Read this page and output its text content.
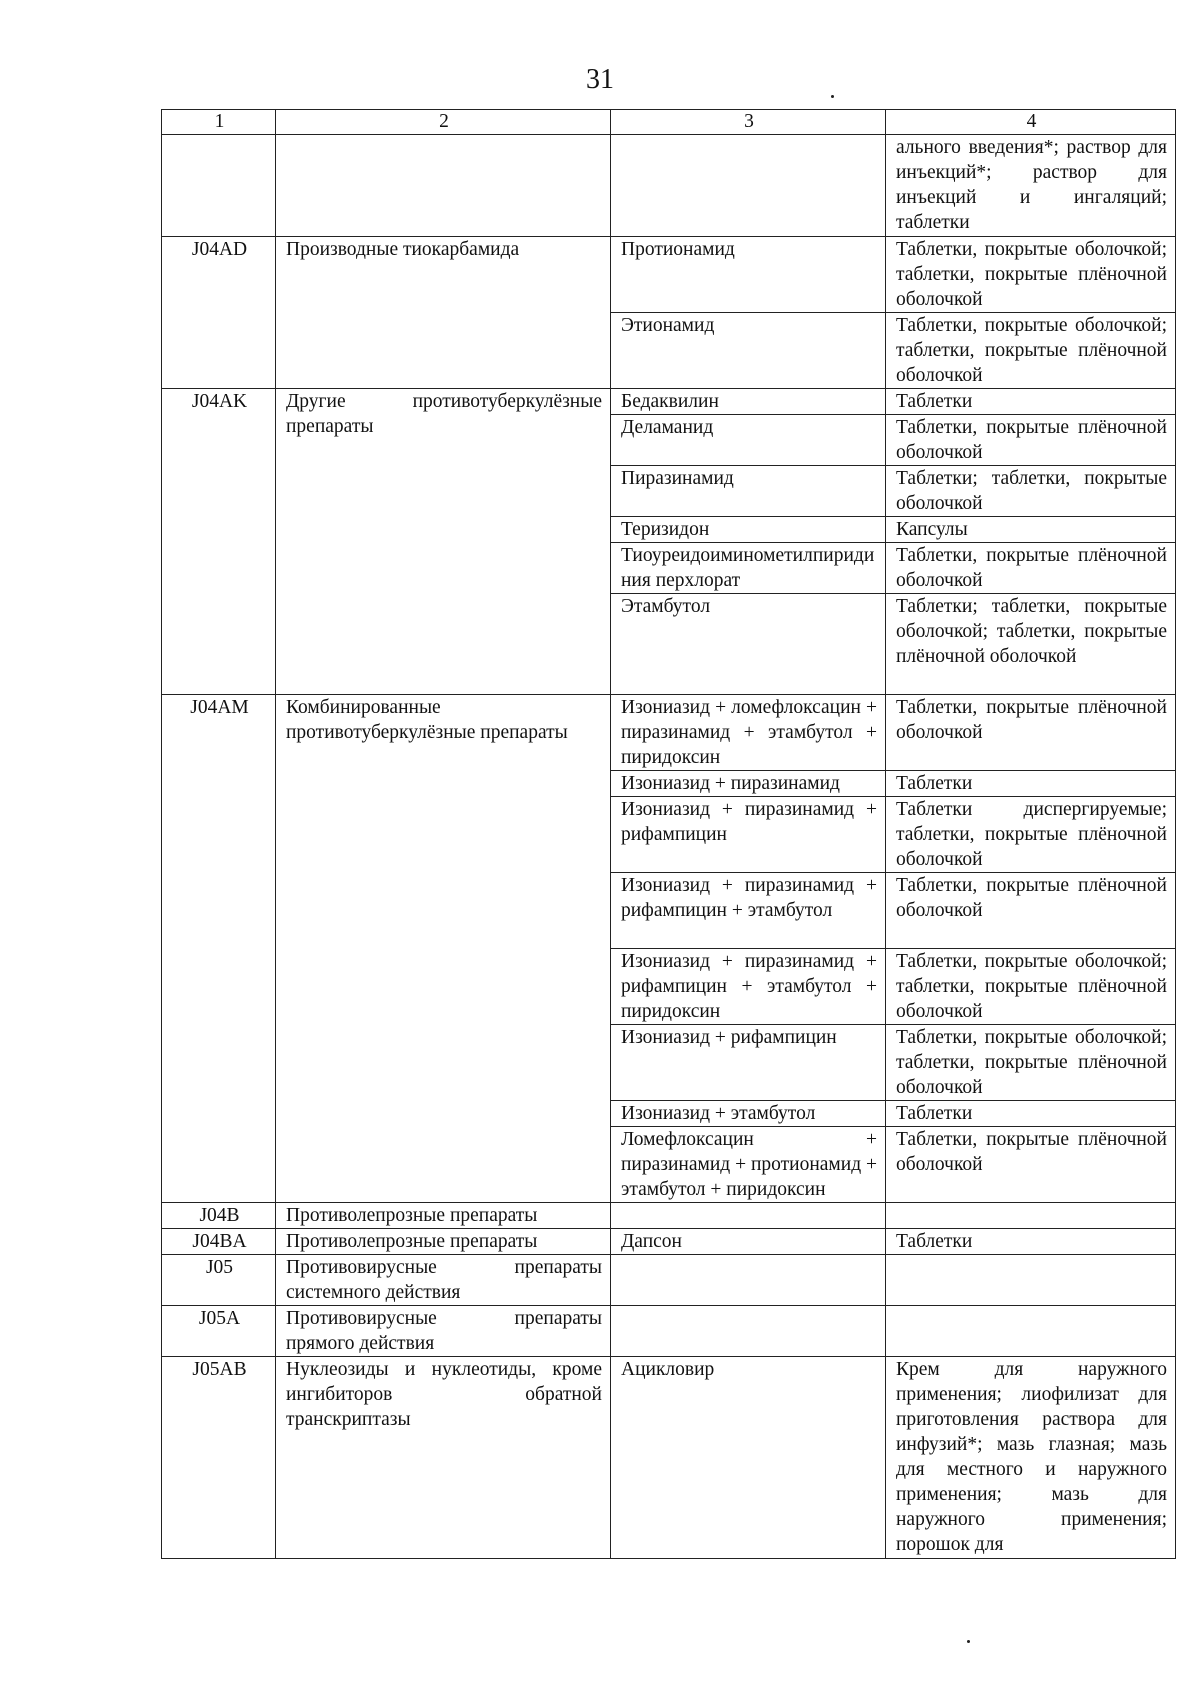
31
1	2	3	4
			ального введения*; раствор для инъекций*; раствор для инъекций и ингаляций; таблетки
J04AD	Производные тиокарбамида	Протионамид	Таблетки, покрытые оболочкой; таблетки, покрытые плёночной оболочкой
		Этионамид	Таблетки, покрытые оболочкой; таблетки, покрытые плёночной оболочкой
J04AK	Другие противотуберкулёзные препараты	Бедаквилин	Таблетки
		Деламанид	Таблетки, покрытые плёночной оболочкой
		Пиразинамид	Таблетки; таблетки, покрытые оболочкой
		Теризидон	Капсулы
		Тиоуреидоиминометилпиридиния перхлорат	Таблетки, покрытые плёночной оболочкой
		Этамбутол	Таблетки; таблетки, покрытые оболочкой; таблетки, покрытые плёночной оболочкой
J04AM	Комбинированные противотуберкулёзные препараты	Изониазид + ломефлоксацин + пиразинамид + этамбутол + пиридоксин	Таблетки, покрытые плёночной оболочкой
		Изониазид + пиразинамид	Таблетки
		Изониазид + пиразинамид + рифампицин	Таблетки диспергируемые; таблетки, покрытые плёночной оболочкой
		Изониазид + пиразинамид + рифампицин + этамбутол	Таблетки, покрытые плёночной оболочкой
		Изониазид + пиразинамид + рифампицин + этамбутол + пиридоксин	Таблетки, покрытые оболочкой; таблетки, покрытые плёночной оболочкой
		Изониазид + рифампицин	Таблетки, покрытые оболочкой; таблетки, покрытые плёночной оболочкой
		Изониазид + этамбутол	Таблетки
		Ломефлоксацин + пиразинамид + протионамид + этамбутол + пиридоксин	Таблетки, покрытые плёночной оболочкой
J04B	Противолепрозные препараты		
J04BA	Противолепрозные препараты	Дапсон	Таблетки
J05	Противовирусные препараты системного действия		
J05A	Противовирусные препараты прямого действия		
J05AB	Нуклеозиды и нуклеотиды, кроме ингибиторов обратной транскриптазы	Ацикловир	Крем для наружного применения; лиофилизат для приготовления раствора для инфузий*; мазь глазная; мазь для местного и наружного применения; мазь для наружного применения; порошок для
